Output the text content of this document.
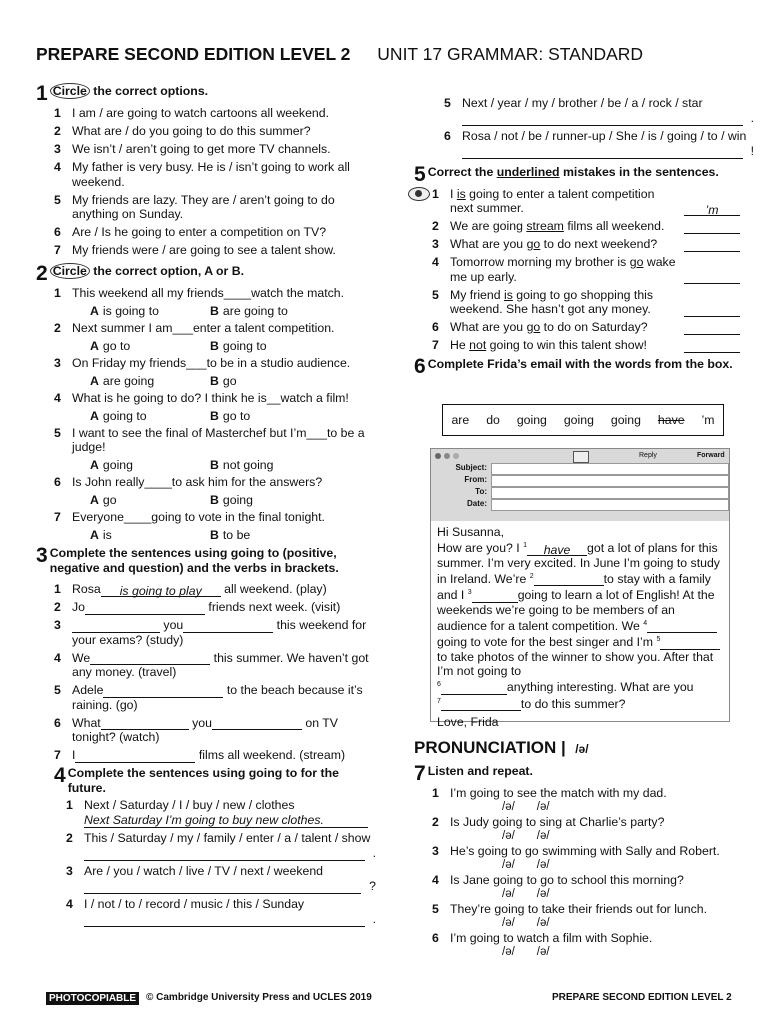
PREPARE SECOND EDITION LEVEL 2 UNIT 17 GRAMMAR: STANDARD
1 Circle the correct options.
1 I am / are going to watch cartoons all weekend.
2 What are / do you going to do this summer?
3 We isn’t / aren’t going to get more TV channels.
4 My father is very busy. He is / isn’t going to work all weekend.
5 My friends are lazy. They are / aren’t going to do anything on Sunday.
6 Are / Is he going to enter a competition on TV?
7 My friends were / are going to see a talent show.
2 Circle the correct option, A or B.
1 This weekend all my friends____watch the match.
A is going to	B are going to
2 Next summer I am___enter a talent competition.
A go to	B going to
3 On Friday my friends___to be in a studio audience.
A are going	B go
4 What is he going to do? I think he is__watch a film!
A going to	B go to
5 I want to see the final of Masterchef but I’m___to be a judge!
A going	B not going
6 Is John really____to ask him for the answers?
A go	B going
7 Everyone____going to vote in the final tonight.
A is	B to be
3 Complete the sentences using going to (positive, negative and question) and the verbs in brackets.
1 Rosa is going to play all weekend. (play)
2 Jo	friends next week. (visit)
3	you	this weekend for your exams? (study)
4 We	this summer. We haven’t got any money. (travel)
5 Adele	to the beach because it’s raining. (go)
6 What	you	on TV tonight? (watch)
7 I	films all weekend. (stream)
4 Complete the sentences using going to for the future.
1 Next / Saturday / I / buy / new / clothes
Next Saturday I’m going to buy new clothes.
2 This / Saturday / my / family / enter / a / talent / show
.
3 Are / you / watch / live / TV / next / weekend
?
4 I / not / to / record / music / this / Sunday
.
5 Next / year / my / brother / be / a / rock / star
.
6 Rosa / not / be / runner-up / She / is / going / to / win
!
5 Correct the underlined mistakes in the sentences.
1 I is going to enter a talent competition next summer.	’m
2 We are going stream films all weekend.
3 What are you go to do next weekend?
4 Tomorrow morning my brother is go wake me up early.
5 My friend is going to go shopping this weekend. She hasn’t got any money.
6 What are you go to do on Saturday?
7 He not going to win this talent show!
6 Complete Frida’s email with the words from the box.
are do going going going have ’m
Reply	Forward
Subject:
From:
To:
Date:
Hi Susanna,
How are you? I $^1$ have got a lot of plans for this summer. I’m very excited. In June I’m going to study in Ireland. We’re $^2$	to stay with a family and I $^3$	going to learn a lot of English! At the weekends we’re going to be members of an audience for a talent competition. We $^4$going to vote for the best singer and I’m $^5$to take photos of the winner to show you. After that I’m not going to
$^6$	anything interesting. What are you
$^7$	to do this summer?
Love, Frida
PRONUNCIATION | /ə/
7 Listen and repeat.
1 I’m going to see the match with my dad.
/ə/ /ə/
2 Is Judy going to sing at Charlie’s party?
/ə/ /ə/
3 He’s going to go swimming with Sally and Robert.
/ə/ /ə/
4 Is Jane going to go to school this morning?
/ə/ /ə/
5 They’re going to take their friends out for lunch.
/ə/ /ə/
6 I’m going to watch a film with Sophie.
/ə/ /ə/
PHOTOCOPIABLE © Cambridge University Press and UCLES 2019	PREPARE SECOND EDITION LEVEL 2
